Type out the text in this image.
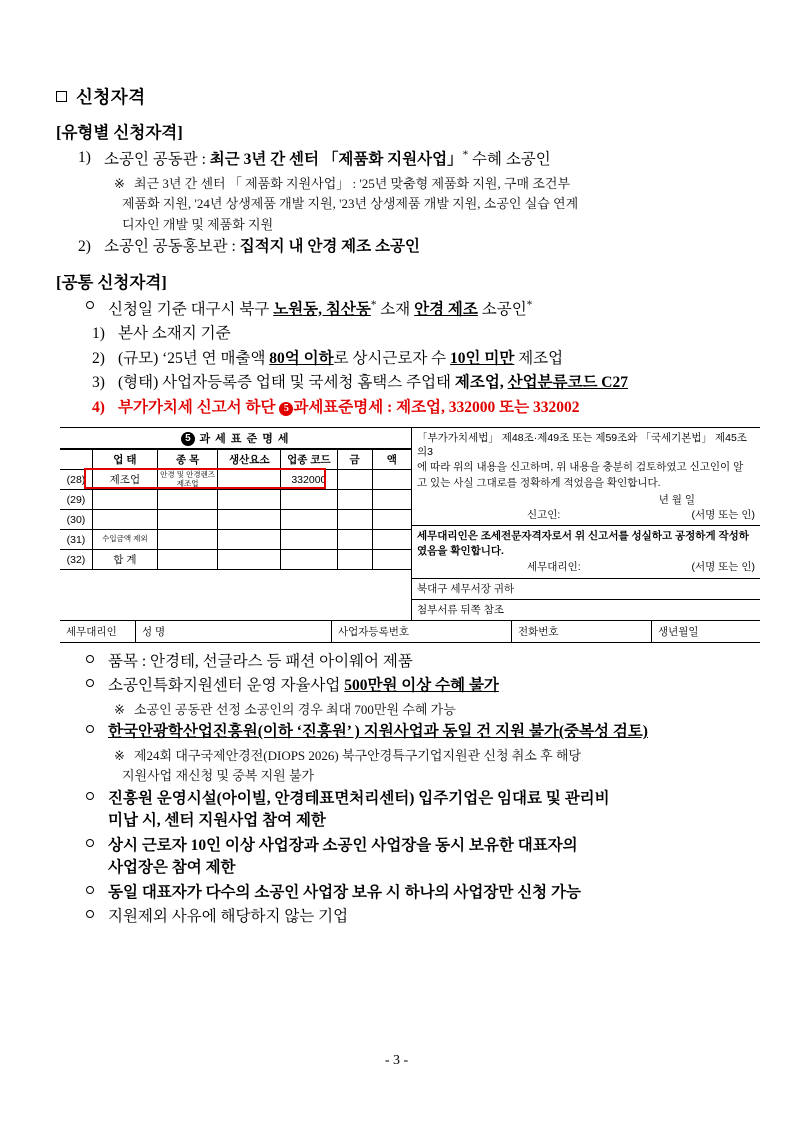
신청자격
[유형별 신청자격]
1) 소공인 공동관 : 최근 3년 간 센터 「제품화 지원사업」* 수혜 소공인
※ 최근 3년 간 센터 「 제품화 지원사업」 : '25년 맞춤형 제품화 지원, 구매 조건부
제품화 지원, '24년 상생제품 개발 지원, '23년 상생제품 개발 지원, 소공인 실습 연계
디자인 개발 및 제품화 지원
2) 소공인 공동홍보관 : 집적지 내 안경 제조 소공인
[공통 신청자격]
신청일 기준 대구시 북구 노원동, 침산동* 소재 안경 제조 소공인*
1) 본사 소재지 기준
2) (규모) ‘25년 연 매출액 80억 이하로 상시근로자 수 10인 미만 제조업
3) (형태) 사업자등록증 업태 및 국세청 홈택스 주업태 제조업, 산업분류코드 C27
4) 부가가치세 신고서 하단 5 과세표준명세 : 제조업, 332000 또는 332002
5 과 세 표 준 명 세
	업 태	종 목	생산요소	업종 코드	금	액
(28)	제조업	안경 및 안경렌즈 제조업		332000		
(29)						
(30)						
(31)	수입금액 제외					
(32)	합 계					
「부가가치세법」 제48조·제49조 또는 제59조와 「국세기본법」 제45조의3
에 따라 위의 내용을 신고하며, 위 내용을 충분히 검토하였고 신고인이 알
고 있는 사실 그대로를 정확하게 적었음을 확인합니다.
년 월 일
신고인:	(서명 또는 인)
세무대리인은 조세전문자격자로서 위 신고서를 성실하고 공정하게 작성하
였음을 확인합니다.
세무대리인:	(서명 또는 인)
북대구 세무서장 귀하
첨부서류 뒤쪽 참조
세무대리인	성 명	사업자등록번호	전화번호	생년월일
품목 : 안경테, 선글라스 등 패션 아이웨어 제품
소공인특화지원센터 운영 자율사업 500만원 이상 수혜 불가
※ 소공인 공동관 선정 소공인의 경우 최대 700만원 수혜 가능
한국안광학산업진흥원(이하 ‘진흥원’ ) 지원사업과 동일 건 지원 불가(중복성 검토)
※ 제24회 대구국제안경전(DIOPS 2026) 북구안경특구기업지원관 신청 취소 후 해당
지원사업 재신청 및 중복 지원 불가
진흥원 운영시설(아이빌, 안경테표면처리센터) 입주기업은 임대료 및 관리비
미납 시, 센터 지원사업 참여 제한
상시 근로자 10인 이상 사업장과 소공인 사업장을 동시 보유한 대표자의
사업장은 참여 제한
동일 대표자가 다수의 소공인 사업장 보유 시 하나의 사업장만 신청 가능
지원제외 사유에 해당하지 않는 기업
- 3 -
